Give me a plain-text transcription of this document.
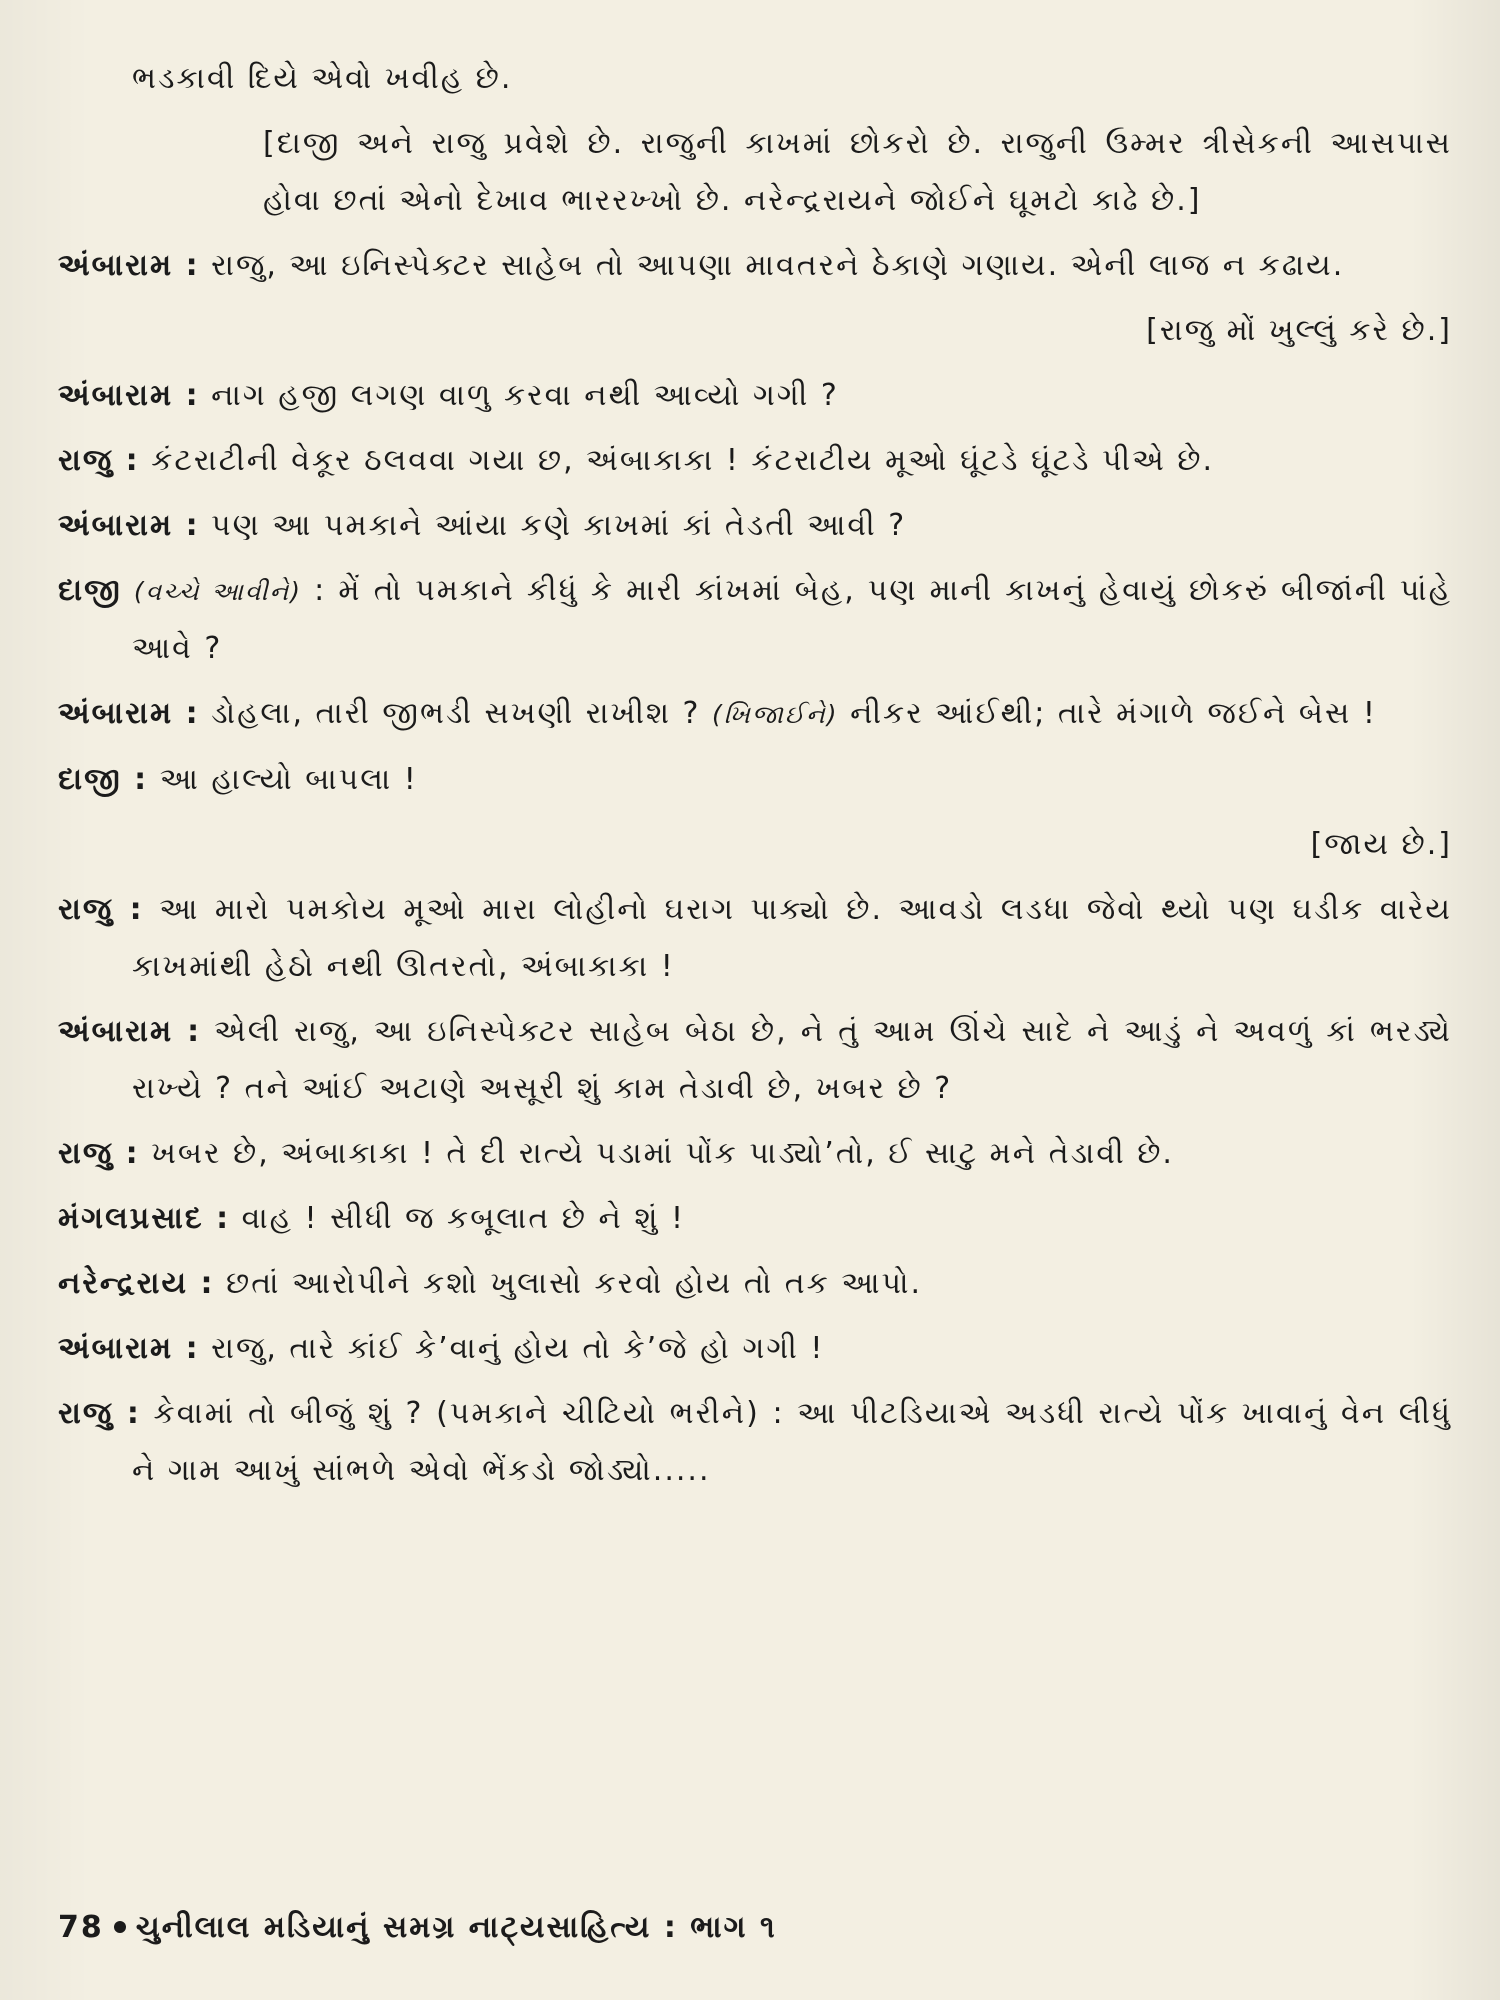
ભડકાવી દિયે એવો ખવીહ છે.

[દાજી અને રાજુ પ્રવેશે છે. રાજુની કાખમાં છોકરો છે. રાજુની ઉમ્મર ત્રીસેકની આસપાસ હોવા છતાં એનો દેખાવ ભારરખ્ખો છે. નરેન્દ્રરાયને જોઈને ઘૂમટો કાઢે છે.]

અંબારામ : રાજુ, આ ઇનિસ્પેક્ટર સાહેબ તો આપણા માવતરને ઠેકાણે ગણાય. એની લાજ ન કઢાય.

[રાજુ મોં ખુલ્લું કરે છે.]

અંબારામ : નાગ હજી લગણ વાળુ કરવા નથી આવ્યો ગગી ?

રાજુ : કંટરાટીની વેકૂર ઠલવવા ગયા છ, અંબાકાકા ! કંટરાટીય મૂઓ ઘૂંટડે ઘૂંટડે પીએ છે.

અંબારામ : પણ આ પમકાને આંયા કણે કાખમાં કાં તેડતી આવી ?

દાજી (વચ્ચે આવીને) : મેં તો પમકાને કીધું કે મારી કાંખમાં બેહ, પણ માની કાખનું હેવાયું છોકરું બીજાંની પાંહે આવે ?

અંબારામ : ડોહલા, તારી જીભડી સખણી રાખીશ ? (ખિજાઈને) નીકર આંઈથી; તારે મંગાળે જઈને બેસ !

દાજી : આ હાલ્યો બાપલા !

[જાય છે.]

રાજુ : આ મારો પમકોય મૂઓ મારા લોહીનો ઘરાગ પાક્યો છે. આવડો લડધા જેવો થ્યો પણ ઘડીક વારેય કાખમાંથી હેઠો નથી ઊતરતો, અંબાકાકા !

અંબારામ : એલી રાજુ, આ ઇનિસ્પેક્ટર સાહેબ બેઠા છે, ને તું આમ ઊંચે સાદે ને આડું ને અવળું કાં ભરડ્યે રાખ્યે ? તને આંઈ અટાણે અસૂરી શું કામ તેડાવી છે, ખબર છે ?

રાજુ : ખબર છે, અંબાકાકા ! તે દી રાત્યે પડામાં પોંક પાડ્યો’તો, ઈ સાટુ મને તેડાવી છે.

મંગલપ્રસાદ : વાહ ! સીધી જ કબૂલાત છે ને શું !

નરેન્દ્રરાય : છતાં આરોપીને કશો ખુલાસો કરવો હોય તો તક આપો.

અંબારામ : રાજુ, તારે કાંઈ કે’વાનું હોય તો કે’જે હો ગગી !

રાજુ : કેવામાં તો બીજું શું ? (પમકાને ચીટિયો ભરીને) : આ પીટડિયાએ અડધી રાત્યે પોંક ખાવાનું વેન લીધું ને ગામ આખું સાંભળે એવો ભેંકડો જોડ્યો.....

78 ચુનીલાલ મડિયાનું સમગ્ર નાટ્યસાહિત્ય : ભાગ ૧
